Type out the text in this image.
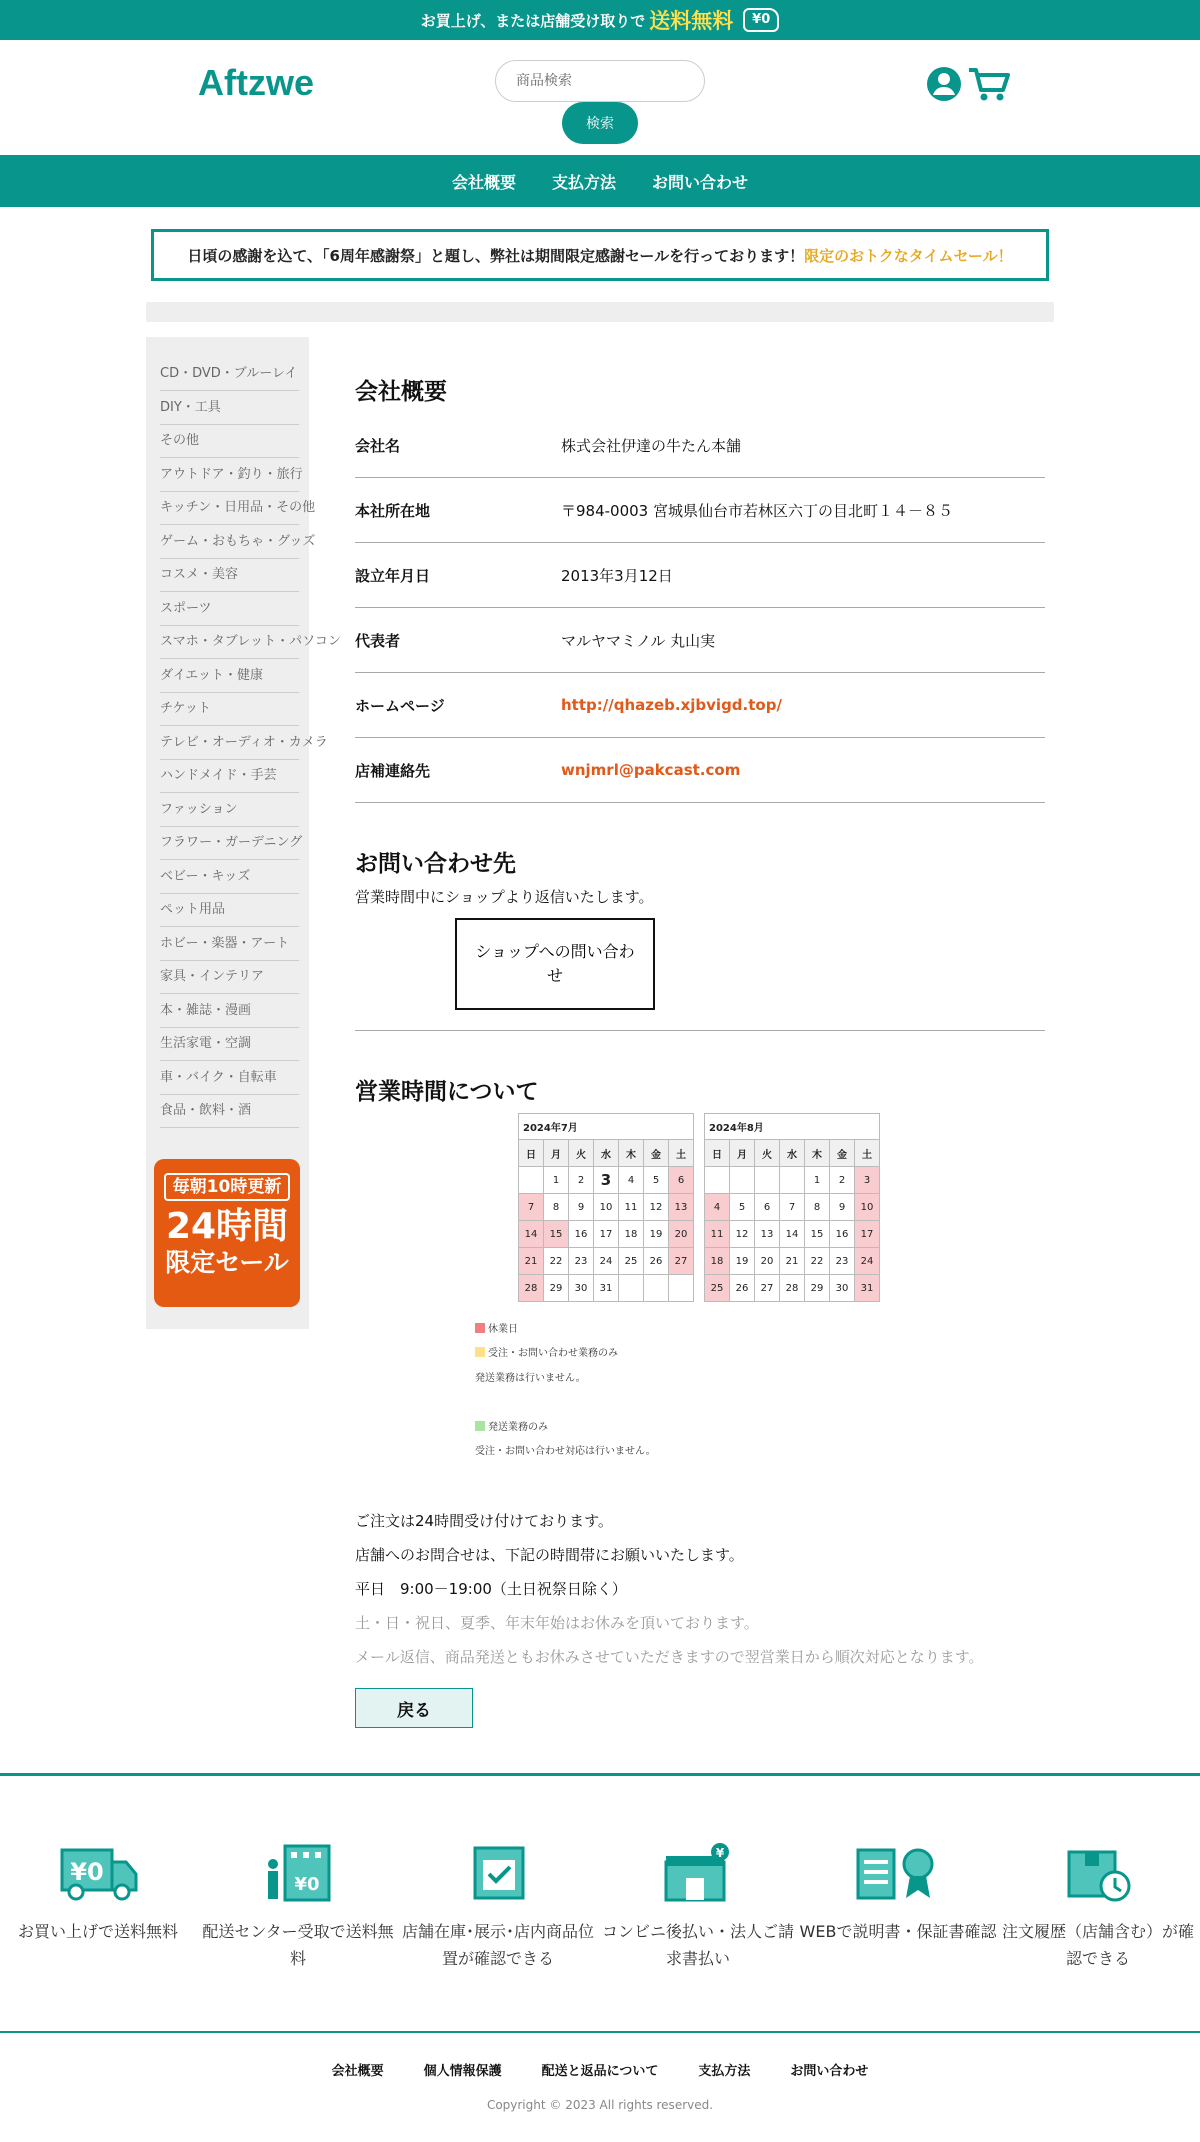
お買上げ、または店舗受け取りで 送料無料	¥0
Aftzwe
商品検索
検索
会社概要 支払方法 お問い合わせ
日頃の感謝を込て、「6周年感謝祭」と題し、弊社は期間限定感謝セールを行っております！ 限定のおトクなタイムセール！
CD・DVD・ブルーレイ
DIY・工具
その他
アウトドア・釣り・旅行
キッチン・日用品・その他
ゲーム・おもちゃ・グッズ
コスメ・美容
スポーツ
スマホ・タブレット・パソコン
ダイエット・健康
チケット
テレビ・オーディオ・カメラ
ハンドメイド・手芸
ファッション
フラワー・ガーデニング
ベビー・キッズ
ペット用品
ホビー・楽器・アート
家具・インテリア
本・雑誌・漫画
生活家電・空調
車・バイク・自転車
食品・飲料・酒
毎朝10時更新
24時間
限定セール
会社概要
会社名	株式会社伊達の牛たん本舗
本社所在地	〒984-0003 宮城県仙台市若林区六丁の目北町１４－８５
設立年月日	2013年3月12日
代表者	マルヤマミノル 丸山実
ホームページ	http://qhazeb.xjbvigd.top/
店補連絡先	wnjmrl@pakcast.com
お問い合わせ先
営業時間中にショップより返信いたします。
ショップへの問い合わせ
営業時間について
2024年7月						
日	月	火	水	木	金	土
	1	2	3	4	5	6
7	8	9	10	11	12	13
14	15	16	17	18	19	20
21	22	23	24	25	26	27
28	29	30	31			
2024年8月						
日	月	火	水	木	金	土
				1	2	3
4	5	6	7	8	9	10
11	12	13	14	15	16	17
18	19	20	21	22	23	24
25	26	27	28	29	30	31
休業日
受注・お問い合わせ業務のみ
発送業務は行いません。
発送業務のみ
受注・お問い合わせ対応は行いません。
ご注文は24時間受け付けております。
店舗へのお問合せは、下記の時間帯にお願いいたします。
平日　9:00－19:00（土日祝祭日除く）
土・日・祝日、夏季、年末年始はお休みを頂いております。
メール返信、商品発送ともお休みさせていただきますので翌営業日から順次対応となります。
戻る
¥0
お買い上げで送料無料
¥0
配送センター受取で送料無料
店舗在庫･展示･店内商品位置が確認できる
¥
コンビニ後払い・法人ご請求書払い
WEBで説明書・保証書確認 注文履歴（店舗含む）が確認できる
会社概要	個人情報保護	配送と返品について	支払方法	お問い合わせ
Copyright © 2023 All rights reserved.
